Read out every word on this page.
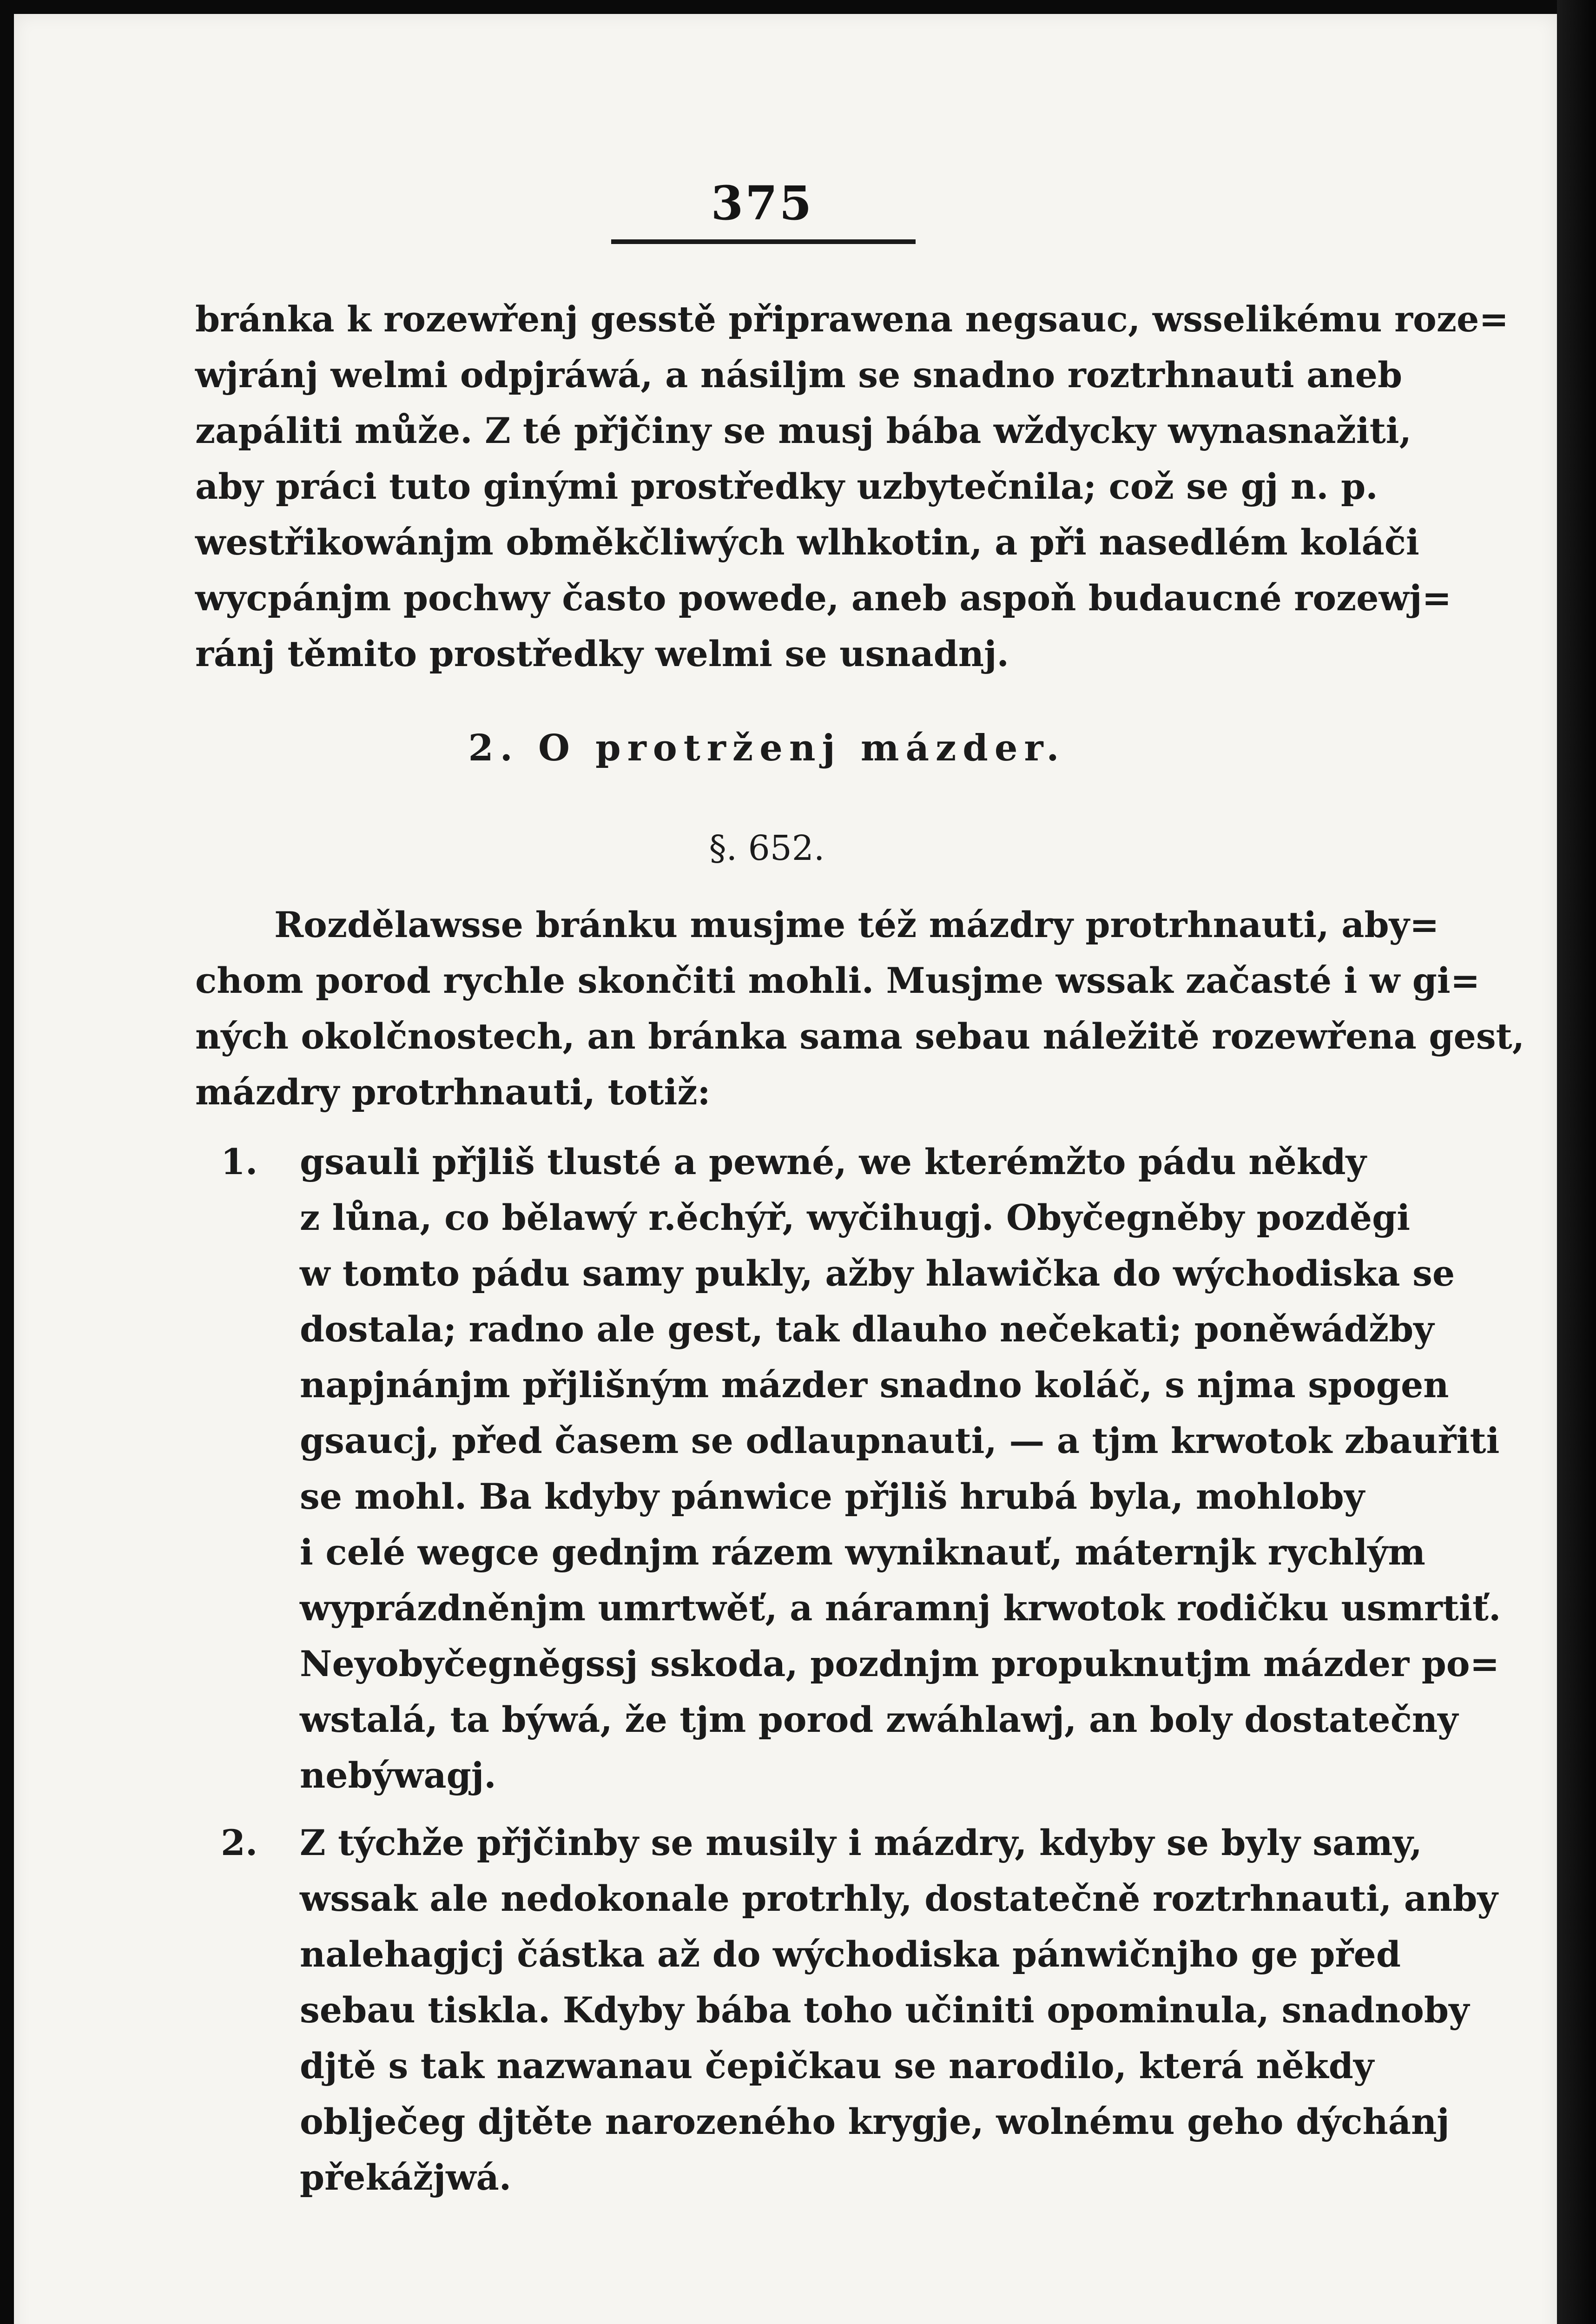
375
bránka k rozewřenj gesstě připrawena negsauc, wsselikému roze=
wjránj welmi odpjráwá, a násiljm se snadno roztrhnauti aneb
zapáliti může. Z té přjčiny se musj bába wždycky wynasnažiti,
aby práci tuto ginými prostředky uzbytečnila; což se gj n. p.
westřikowánjm obměkčliwých wlhkotin, a při nasedlém koláči
wycpánjm pochwy často powede, aneb aspoň budaucné rozewj=
ránj těmito prostředky welmi se usnadnj.
2. O protrženj mázder.
§. 652.
Rozdělawsse bránku musjme též mázdry protrhnauti, aby=
chom porod rychle skončiti mohli. Musjme wssak začasté i w gi=
ných okolčnostech, an bránka sama sebau náležitě rozewřena gest,
mázdry protrhnauti, totiž:
1.	gsauli přjliš tlusté a pewné, we kterémžto pádu někdy
z lůna, co bělawý r.ěchýř, wyčihugj. Obyčegněby pozděgi
w tomto pádu samy pukly, ažby hlawička do wýchodiska se
dostala; radno ale gest, tak dlauho nečekati; poněwádžby
napjnánjm přjlišným mázder snadno koláč, s njma spogen
gsaucj, před časem se odlaupnauti, — a tjm krwotok zbauřiti
se mohl. Ba kdyby pánwice přjliš hrubá byla, mohloby
i celé wegce gednjm rázem wyniknauť, máternjk rychlým
wyprázdněnjm umrtwěť, a náramnj krwotok rodičku usmrtiť.
Neyobyčegněgssj sskoda, pozdnjm propuknutjm mázder po=
wstalá, ta býwá, že tjm porod zwáhlawj, an boly dostatečny
nebýwagj.
2.	Z týchže přjčinby se musily i mázdry, kdyby se byly samy,
wssak ale nedokonale protrhly, dostatečně roztrhnauti, anby
nalehagjcj částka až do wýchodiska pánwičnjho ge před
sebau tiskla. Kdyby bába toho učiniti opominula, snadnoby
djtě s tak nazwanau čepičkau se narodilo, která někdy
oblječeg djtěte narozeného krygje, wolnému geho dýchánj
překážjwá.
